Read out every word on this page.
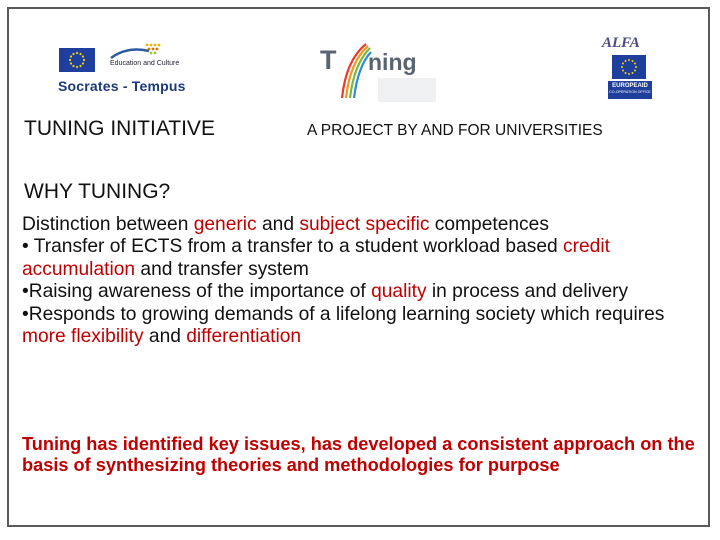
Education and Culture
Socrates - Tempus
T ning
ALFA
EUROPEAID
CO-OPERATION OFFICE
TUNING INITIATIVE	A PROJECT BY AND FOR UNIVERSITIES
WHY TUNING?

Distinction between generic and subject specific competences

• Transfer of ECTS from a transfer to a student workload based credit accumulation and transfer system

•Raising awareness of the importance of quality in process and delivery

•Responds to growing demands of a lifelong learning society which requires more flexibility and differentiation

Tuning has identified key issues, has developed a consistent approach on the basis of synthesizing theories and methodologies for purpose
